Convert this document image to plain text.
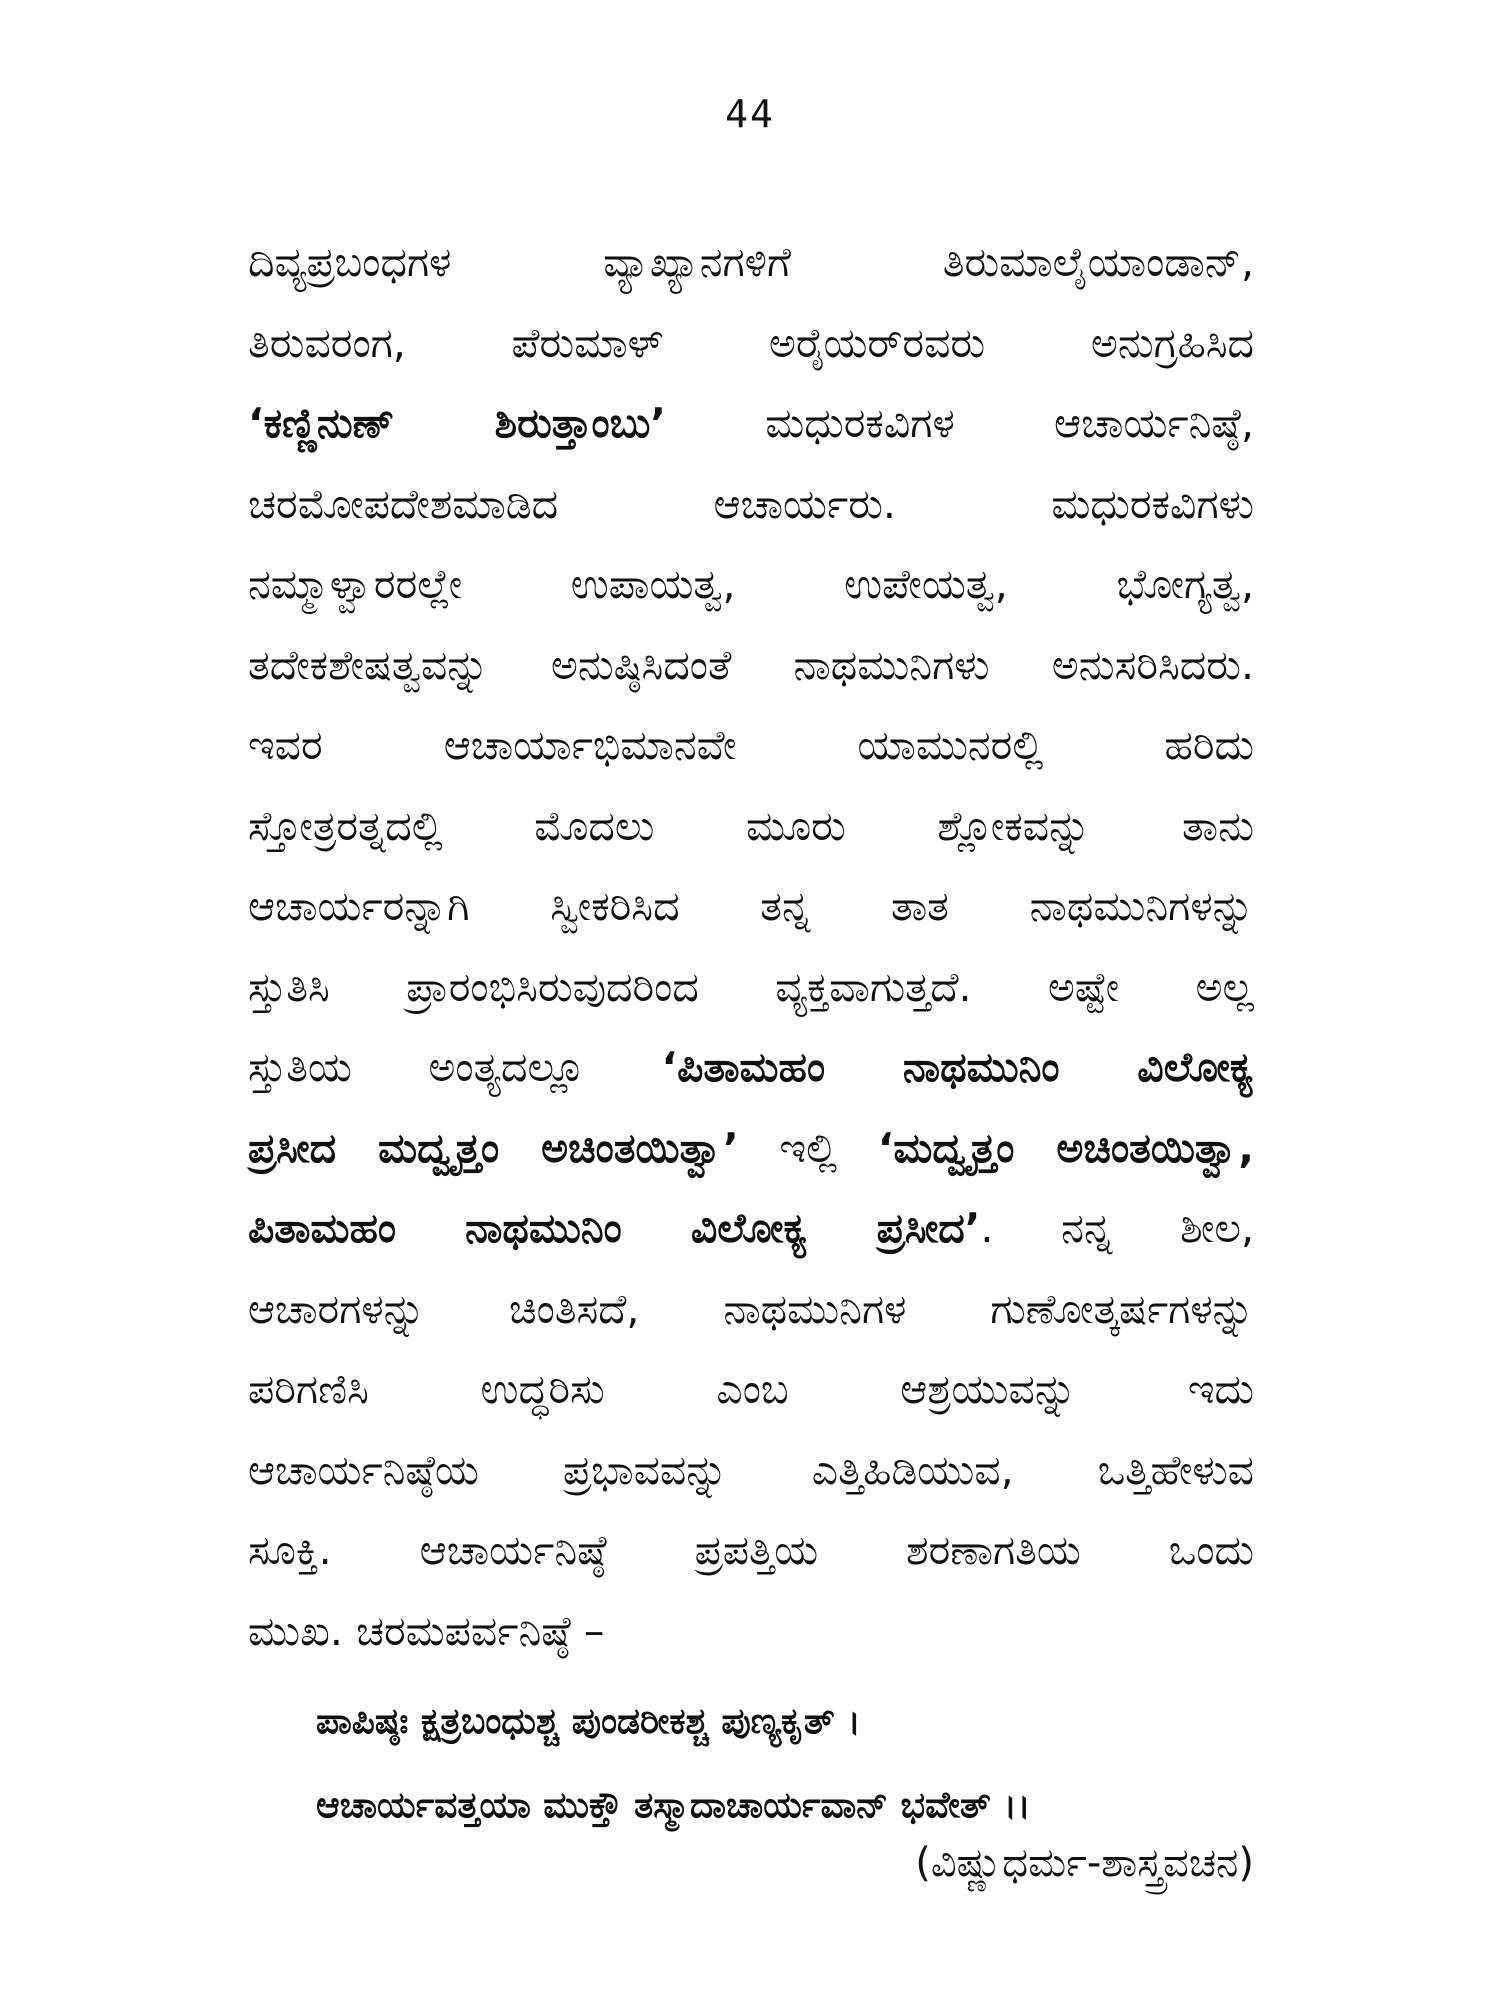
44
ದಿವ್ಯಪ್ರಬಂಧಗಳ ವ್ಯಾಖ್ಯಾನಗಳಿಗೆ ತಿರುಮಾಲೈಯಾಂಡಾನ್,
ತಿರುವರಂಗ, ಪೆರುಮಾಳ್ ಅರೈಯರ್‌ರವರು ಅನುಗ್ರಹಿಸಿದ
‘ಕಣ್ಣಿನುಣ್ ಶಿರುತ್ತಾಂಬು’ ಮಧುರಕವಿಗಳ ಆಚಾರ್ಯನಿಷ್ಠೆ,
ಚರಮೋಪದೇಶಮಾಡಿದ ಆಚಾರ್ಯರು. ಮಧುರಕವಿಗಳು
ನಮ್ಮಾಳ್ವಾರರಲ್ಲೇ ಉಪಾಯತ್ವ, ಉಪೇಯತ್ವ, ಭೋಗ್ಯತ್ವ,
ತದೇಕಶೇಷತ್ವವನ್ನು ಅನುಷ್ಠಿಸಿದಂತೆ ನಾಥಮುನಿಗಳು ಅನುಸರಿಸಿದರು.
ಇವರ ಆಚಾರ್ಯಾಭಿಮಾನವೇ ಯಾಮುನರಲ್ಲಿ ಹರಿದು
ಸ್ತೋತ್ರರತ್ನದಲ್ಲಿ ಮೊದಲು ಮೂರು ಶ್ಲೋಕವನ್ನು ತಾನು
ಆಚಾರ್ಯರನ್ನಾಗಿ ಸ್ವೀಕರಿಸಿದ ತನ್ನ ತಾತ ನಾಥಮುನಿಗಳನ್ನು
ಸ್ತುತಿಸಿ ಪ್ರಾರಂಭಿಸಿರುವುದರಿಂದ ವ್ಯಕ್ತವಾಗುತ್ತದೆ. ಅಷ್ಟೇ ಅಲ್ಲ
ಸ್ತುತಿಯ ಅಂತ್ಯದಲ್ಲೂ ‘ಪಿತಾಮಹಂ ನಾಥಮುನಿಂ ವಿಲೋಕ್ಯ
ಪ್ರಸೀದ ಮದ್ವೃತ್ತಂ ಅಚಿಂತಯಿತ್ವಾ’ ಇಲ್ಲಿ ‘ಮದ್ವೃತ್ತಂ ಅಚಿಂತಯಿತ್ವಾ,
ಪಿತಾಮಹಂ ನಾಥಮುನಿಂ ವಿಲೋಕ್ಯ ಪ್ರಸೀದ’. ನನ್ನ ಶೀಲ,
ಆಚಾರಗಳನ್ನು ಚಿಂತಿಸದೆ, ನಾಥಮುನಿಗಳ ಗುಣೋತ್ಕರ್ಷಗಳನ್ನು
ಪರಿಗಣಿಸಿ ಉದ್ಧರಿಸು ಎಂಬ ಆಶ್ರಯುವನ್ನು ಇದು
ಆಚಾರ್ಯನಿಷ್ಠೆಯ ಪ್ರಭಾವವನ್ನು ಎತ್ತಿಹಿಡಿಯುವ, ಒತ್ತಿಹೇಳುವ
ಸೂಕ್ತಿ. ಆಚಾರ್ಯನಿಷ್ಠೆ ಪ್ರಪತ್ತಿಯ ಶರಣಾಗತಿಯ ಒಂದು
ಮುಖ. ಚರಮಪರ್ವನಿಷ್ಠೆ –
ಪಾಪಿಷ್ಠಃ ಕ್ಷತ್ರಬಂಧುಶ್ಚ ಪುಂಡರೀಕಶ್ಚ ಪುಣ್ಯಕೃತ್ ।
ಆಚಾರ್ಯವತ್ತಯಾ ಮುಕ್ತೌ ತಸ್ಮಾದಾಚಾರ್ಯವಾನ್ ಭವೇತ್ ।।
(ವಿಷ್ಣುಧರ್ಮ-ಶಾಸ್ತ್ರವಚನ)
